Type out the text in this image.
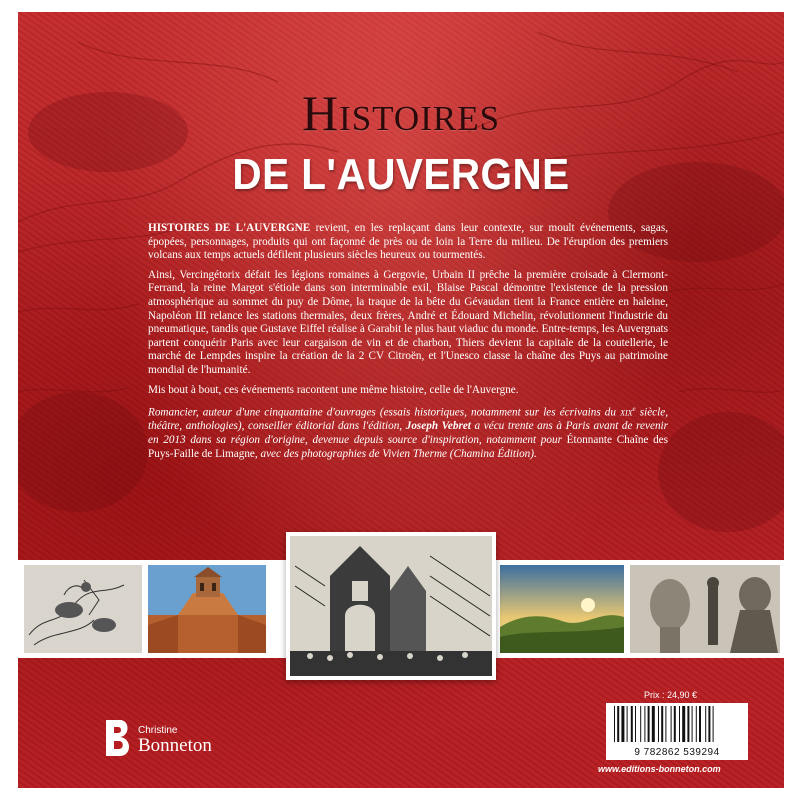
Histoires
DE L'AUVERGNE

HISTOIRES DE L'AUVERGNE revient, en les replaçant dans leur contexte, sur moult événements, sagas, épopées, personnages, produits qui ont façonné de près ou de loin la Terre du milieu. De l'éruption des premiers volcans aux temps actuels défilent plusieurs siècles heureux ou tourmentés.

Ainsi, Vercingétorix défait les légions romaines à Gergovie, Urbain II prêche la première croisade à Clermont-Ferrand, la reine Margot s'étiole dans son interminable exil, Blaise Pascal démontre l'existence de la pression atmosphérique au sommet du puy de Dôme, la traque de la bête du Gévaudan tient la France entière en haleine, Napoléon III relance les stations thermales, deux frères, André et Édouard Michelin, révolutionnent l'industrie du pneumatique, tandis que Gustave Eiffel réalise à Garabit le plus haut viaduc du monde. Entre-temps, les Auvergnats partent conquérir Paris avec leur cargaison de vin et de charbon, Thiers devient la capitale de la coutellerie, le marché de Lempdes inspire la création de la 2 CV Citroën, et l'Unesco classe la chaîne des Puys au patrimoine mondial de l'humanité.

Mis bout à bout, ces événements racontent une même histoire, celle de l'Auvergne.

Romancier, auteur d'une cinquantaine d'ouvrages (essais historiques, notamment sur les écrivains du xix$^e$ siècle, théâtre, anthologies), conseiller éditorial dans l'édition, Joseph Vebret a vécu trente ans à Paris avant de revenir en 2013 dans sa région d'origine, devenue depuis source d'inspiration, notamment pour Étonnante Chaîne des Puys-Faille de Limagne, avec des photographies de Vivien Therme (Chamina Édition).

Christine
Bonneton
Prix : 24,90 €
9 782862 539294
www.editions-bonneton.com
